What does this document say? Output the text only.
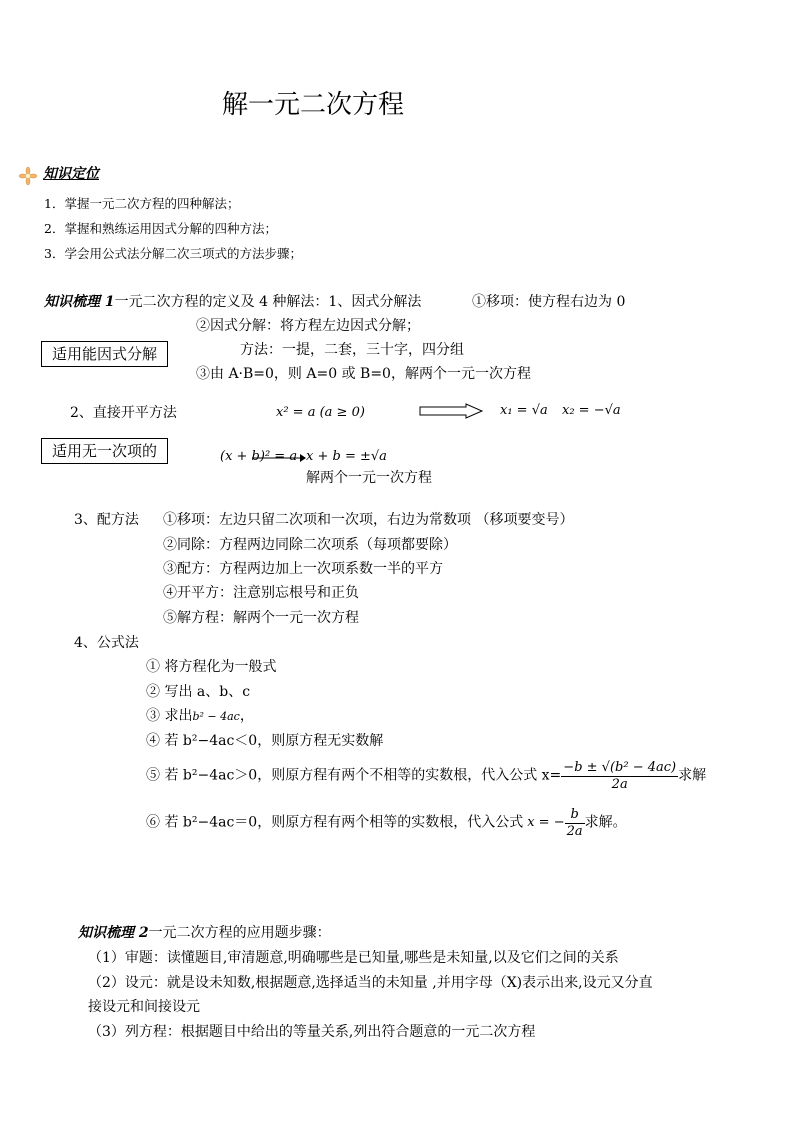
解一元二次方程
知识定位
1．掌握一元二次方程的四种解法；
2．掌握和熟练运用因式分解的四种方法；
3．学会用公式法分解二次三项式的方法步骤；
知识梳理 1一元二次方程的定义及 4 种解法：1、因式分解法	①移项：使方程右边为 0
②因式分解：将方程左边因式分解；
适用能因式分解	方法：一提，二套，三十字，四分组
③由 A·B=0，则 A=0 或 B=0，解两个一元一次方程
2、直接开平方法	x² = a (a ≥ 0)	x₁ = √a x₂ = −√a
适用无一次项的	(x + b)² = a x + b = ±√a
解两个一元一次方程
3、配方法 ①移项：左边只留二次项和一次项，右边为常数项 （移项要变号）
②同除：方程两边同除二次项系（每项都要除）
③配方：方程两边加上一次项系数一半的平方
④开平方：注意别忘根号和正负
⑤解方程：解两个一元一次方程
4、公式法
① 将方程化为一般式
② 写出 a、b、c
③ 求出b² − 4ac，
④ 若 b²−4ac＜0，则原方程无实数解
⑤ 若 b²−4ac＞0，则原方程有两个不相等的实数根，代入公式 $x= \frac{\text{−b ± √(b² − 4ac)}}{2a}$ 求解
⑥ 若 b²−4ac＝0，则原方程有两个相等的实数根，代入公式 x = − $\frac{b}{2a}$ 求解。
知识梳理 2一元二次方程的应用题步骤：
（1）审题：读懂题目,审清题意,明确哪些是已知量,哪些是未知量,以及它们之间的关系
（2）设元：就是设未知数,根据题意,选择适当的未知量 ,并用字母（X)表示出来,设元又分直
接设元和间接设元
（3）列方程：根据题目中给出的等量关系,列出符合题意的一元二次方程
